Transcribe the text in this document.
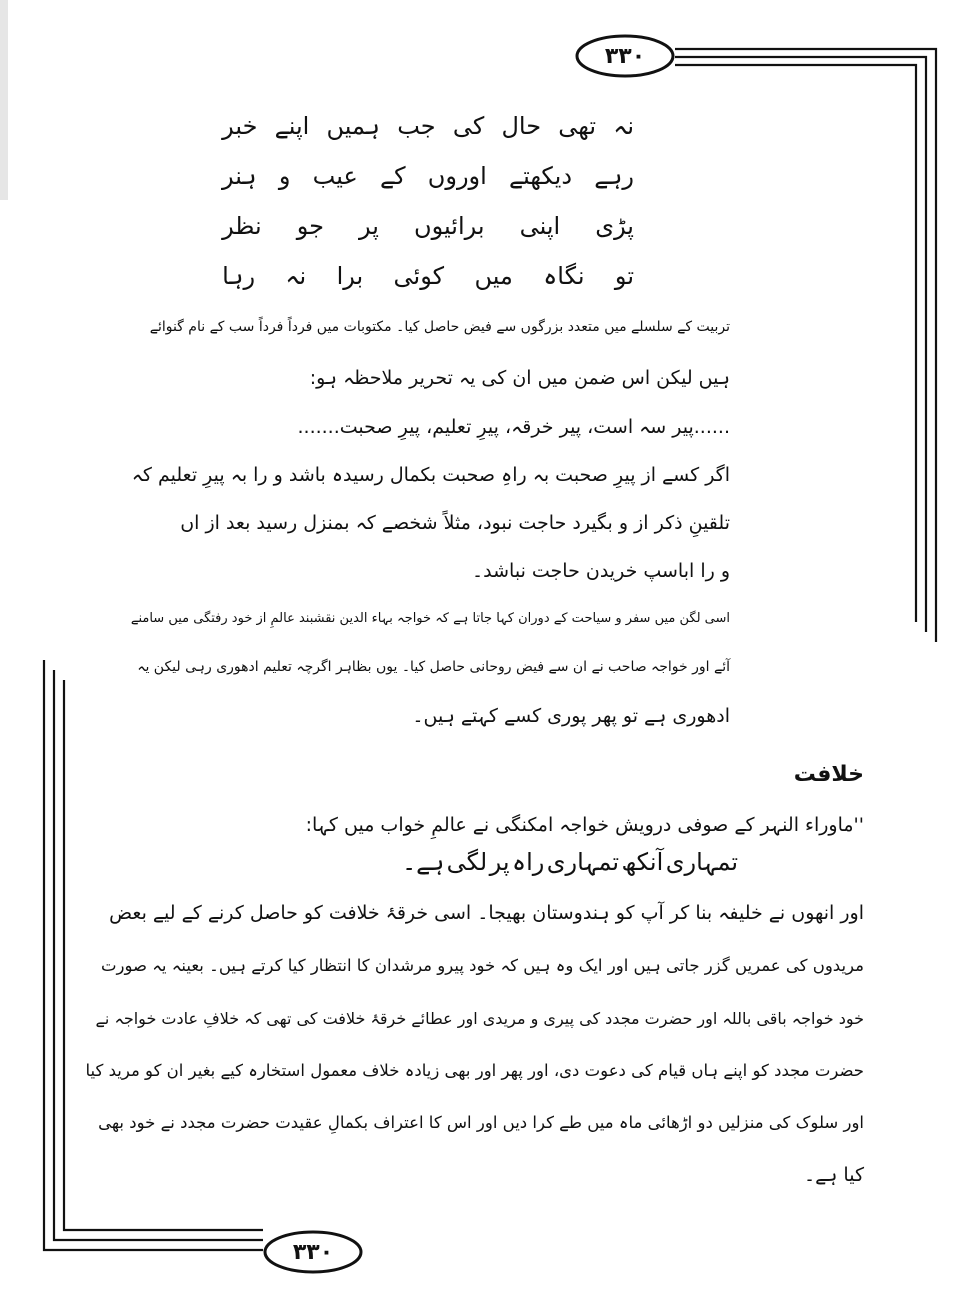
۳۳۰
۳۳۰
نہ
تھی
حال
کی
جب
ہمیں
اپنے
خبر
رہے
دیکھتے
اوروں
کے
عیب
و
ہنر
پڑی
اپنی
برائیوں
پر
جو
نظر
تو
نگاہ
میں
کوئی
برا
نہ
رہا
تربیت کے سلسلے میں متعدد بزرگوں سے فیض حاصل کیا۔ مکتوبات میں فرداً فرداً سب کے نام گنوائے
ہیں لیکن اس ضمن میں ان کی یہ تحریر ملاحظہ ہو:
......پیر سہ است، پیر خرقہ، پیرِ تعلیم، پیرِ صحبت.......
اگر کسے از پیرِ صحبت بہ راہِ صحبت بکمال رسیدہ باشد و را بہ پیرِ تعلیم کہ
تلقینِ ذکر از و بگیرد حاجت نبود، مثلاً شخصے کہ بمنزل رسید بعد از اں
و را اباسپ خریدن حاجت نباشد۔
اسی لگن میں سفر و سیاحت کے دوران کہا جاتا ہے کہ خواجہ بہاء الدین نقشبند عالمِ از خود رفتگی میں سامنے
آئے اور خواجہ صاحب نے ان سے فیض روحانی حاصل کیا۔ یوں بظاہر اگرچہ تعلیم ادھوری رہی لیکن یہ
ادھوری ہے تو پھر پوری کسے کہتے ہیں۔
خلافت
''ماوراء النہر کے صوفی درویش خواجہ امکنگی نے عالمِ خواب میں کہا:
تمہاری
آنکھ
تمہاری
راہ
پر
لگی
ہے۔
اور انھوں نے خلیفہ بنا کر آپ کو ہندوستان بھیجا۔ اسی خرقۂ خلافت کو حاصل کرنے کے لیے بعض
مریدوں کی عمریں گزر جاتی ہیں اور ایک وہ ہیں کہ خود پیرو مرشدان کا انتظار کیا کرتے ہیں۔ بعینہ یہ صورت
خود خواجہ باقی باللہ اور حضرت مجدد کی پیری و مریدی اور عطائے خرقۂ خلافت کی تھی کہ خلافِ عادت خواجہ نے
حضرت مجدد کو اپنے ہاں قیام کی دعوت دی، اور پھر اور بھی زیادہ خلاف معمول استخارہ کیے بغیر ان کو مرید کیا
اور سلوک کی منزلیں دو اڑھائی ماہ میں طے کرا دیں اور اس کا اعتراف بکمالِ عقیدت حضرت مجدد نے خود بھی
کیا ہے۔
